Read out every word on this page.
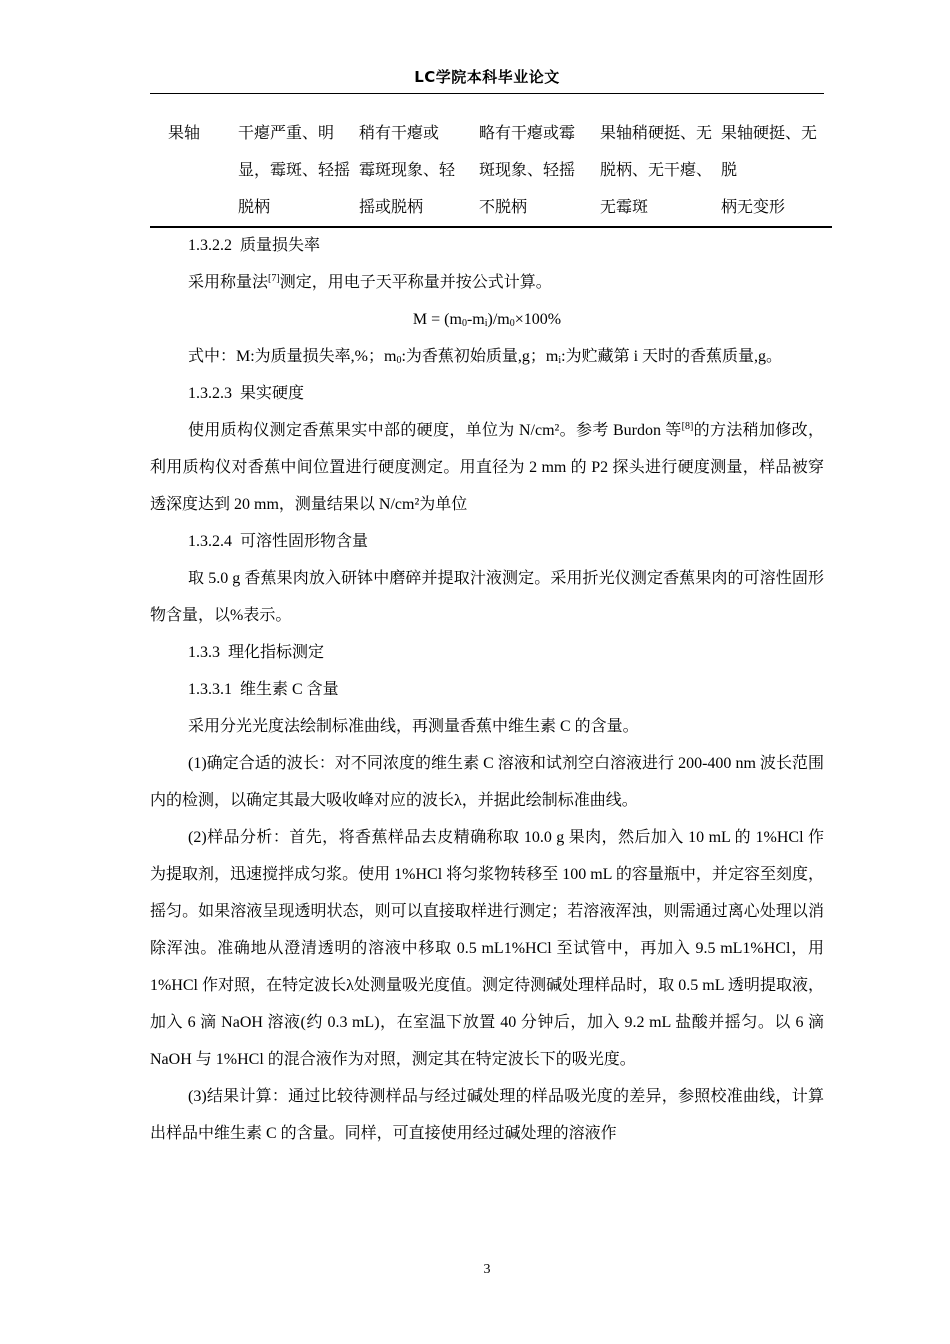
LC学院本科毕业论文
果轴	干瘪严重、明
显，霉斑、轻摇
脱柄
稍有干瘪或
霉斑现象、轻
摇或脱柄
略有干瘪或霉
斑现象、轻摇
不脱柄
果轴稍硬挺、无
脱柄、无干瘪、
无霉斑
果轴硬挺、无脱
柄无变形

1.3.2.2 质量损失率

采用称量法[7]测定，用电子天平称量并按公式计算。

$M = (m_0-m_i)/m_0\times 100\%$

式中：M:为质量损失率,%；$m_0$:为香蕉初始质量,g；$m_i$:为贮藏第 i 天时的香蕉质量,g。

1.3.2.3 果实硬度

使用质构仪测定香蕉果实中部的硬度，单位为 N/cm²。参考 Burdon 等[8]的方法稍加修改，利用质构仪对香蕉中间位置进行硬度测定。用直径为 2 mm 的 P2 探头进行硬度测量，样品被穿透深度达到 20 mm，测量结果以 N/cm²为单位

1.3.2.4 可溶性固形物含量

取 5.0 g 香蕉果肉放入研钵中磨碎并提取汁液测定。采用折光仪测定香蕉果肉的可溶性固形物含量，以%表示。

1.3.3 理化指标测定

1.3.3.1 维生素 C 含量

采用分光光度法绘制标准曲线，再测量香蕉中维生素 C 的含量。

(1)确定合适的波长：对不同浓度的维生素 C 溶液和试剂空白溶液进行 200-400 nm 波长范围内的检测，以确定其最大吸收峰对应的波长λ，并据此绘制标准曲线。

(2)样品分析：首先，将香蕉样品去皮精确称取 10.0 g 果肉，然后加入 10 mL 的 1%HCl 作为提取剂，迅速搅拌成匀浆。使用 1%HCl 将匀浆物转移至 100 mL 的容量瓶中，并定容至刻度，摇匀。如果溶液呈现透明状态，则可以直接取样进行测定；若溶液浑浊，则需通过离心处理以消除浑浊。准确地从澄清透明的溶液中移取 0.5 mL1%HCl 至试管中，再加入 9.5 mL1%HCl，用 1%HCl 作对照，在特定波长λ处测量吸光度值。测定待测碱处理样品时，取 0.5 mL 透明提取液，加入 6 滴 NaOH 溶液(约 0.3 mL)，在室温下放置 40 分钟后，加入 9.2 mL 盐酸并摇匀。以 6 滴 NaOH 与 1%HCl 的混合液作为对照，测定其在特定波长下的吸光度。

(3)结果计算：通过比较待测样品与经过碱处理的样品吸光度的差异，参照校准曲线，计算出样品中维生素 C 的含量。同样，可直接使用经过碱处理的溶液作

3
